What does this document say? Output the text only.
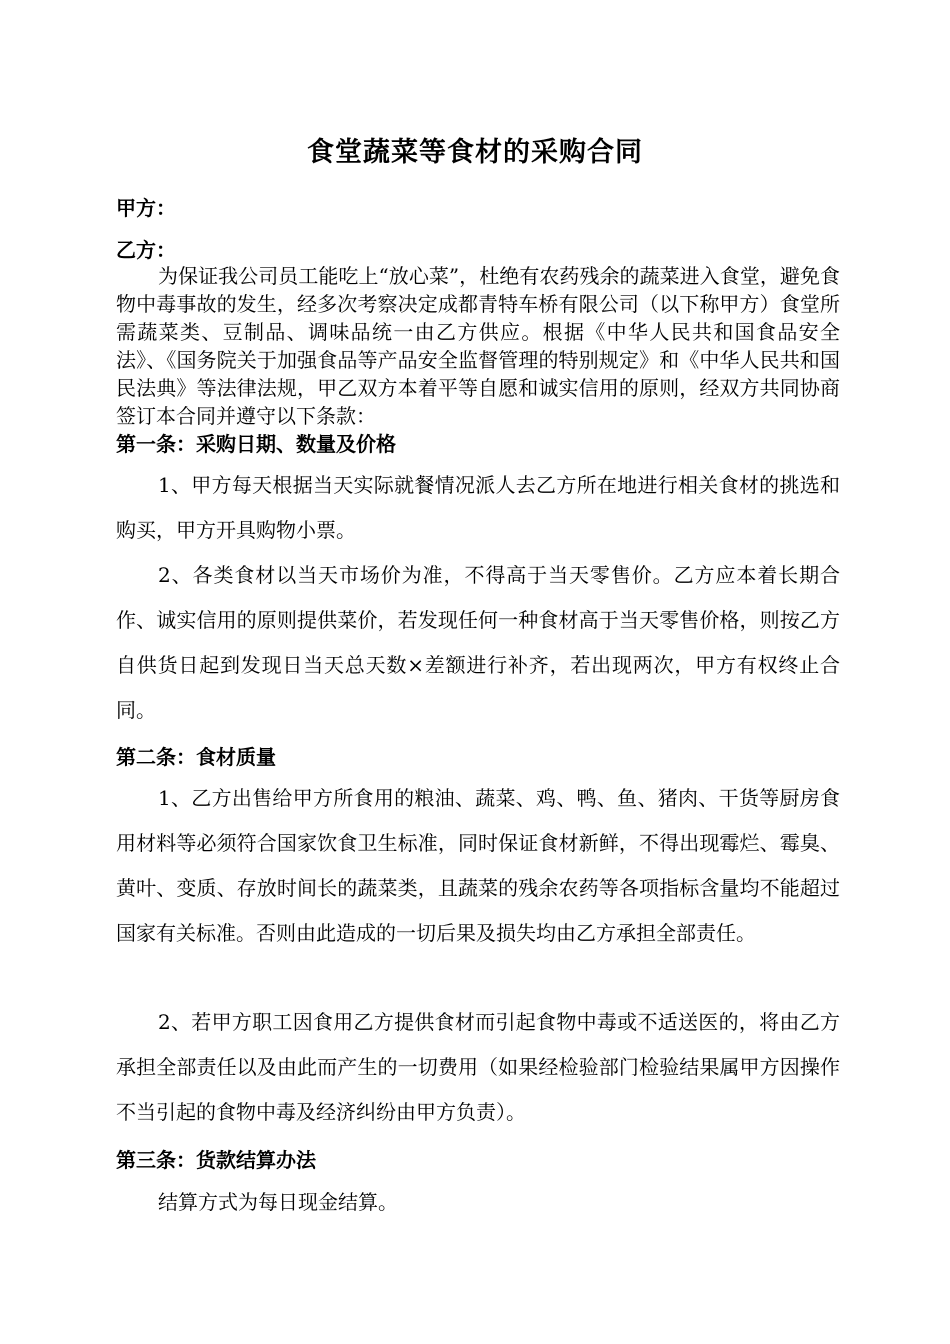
食堂蔬菜等食材的采购合同
甲方：
乙方：

为保证我公司员工能吃上“放心菜”，杜绝有农药残余的蔬菜进入食堂，避免食物中毒事故的发生，经多次考察决定成都青特车桥有限公司（以下称甲方）食堂所需蔬菜类、豆制品、调味品统一由乙方供应。根据《中华人民共和国食品安全法》、《国务院关于加强食品等产品安全监督管理的特别规定》和《中华人民共和国民法典》等法律法规，甲乙双方本着平等自愿和诚实信用的原则，经双方共同协商签订本合同并遵守以下条款：

第一条：采购日期、数量及价格

1、甲方每天根据当天实际就餐情况派人去乙方所在地进行相关食材的挑选和购买，甲方开具购物小票。

2、各类食材以当天市场价为准，不得高于当天零售价。乙方应本着长期合作、诚实信用的原则提供菜价，若发现任何一种食材高于当天零售价格，则按乙方自供货日起到发现日当天总天数×差额进行补齐，若出现两次，甲方有权终止合同。

第二条：食材质量

1、乙方出售给甲方所食用的粮油、蔬菜、鸡、鸭、鱼、猪肉、干货等厨房食用材料等必须符合国家饮食卫生标准，同时保证食材新鲜，不得出现霉烂、霉臭、黄叶、变质、存放时间长的蔬菜类，且蔬菜的残余农药等各项指标含量均不能超过国家有关标准。否则由此造成的一切后果及损失均由乙方承担全部责任。

2、若甲方职工因食用乙方提供食材而引起食物中毒或不适送医的，将由乙方承担全部责任以及由此而产生的一切费用（如果经检验部门检验结果属甲方因操作不当引起的食物中毒及经济纠纷由甲方负责）。

第三条：货款结算办法

结算方式为每日现金结算。
